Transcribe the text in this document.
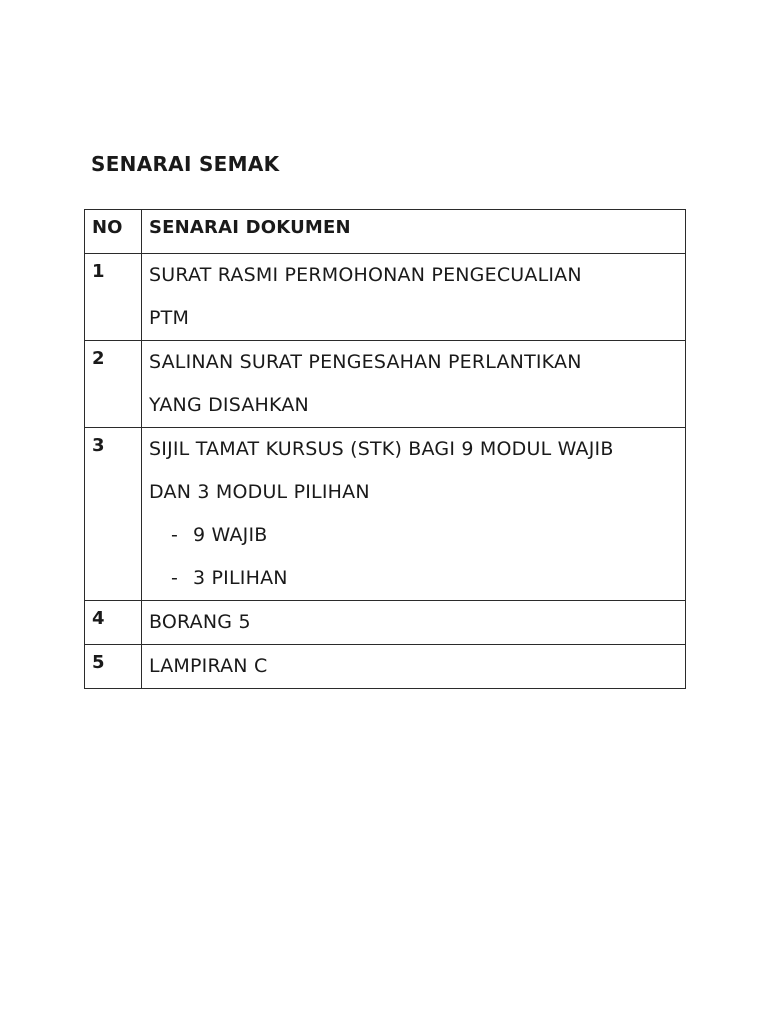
SENARAI SEMAK
NO	SENARAI DOKUMEN
1	SURAT RASMI PERMOHONAN PENGECUALIAN
PTM

2	SALINAN SURAT PENGESAHAN PERLANTIKAN
YANG DISAHKAN

3	SIJIL TAMAT KURSUS (STK) BAGI 9 MODUL WAJIB
DAN 3 MODUL PILIHAN
- 9 WAJIB
- 3 PILIHAN

4	BORANG 5

5	LAMPIRAN C
